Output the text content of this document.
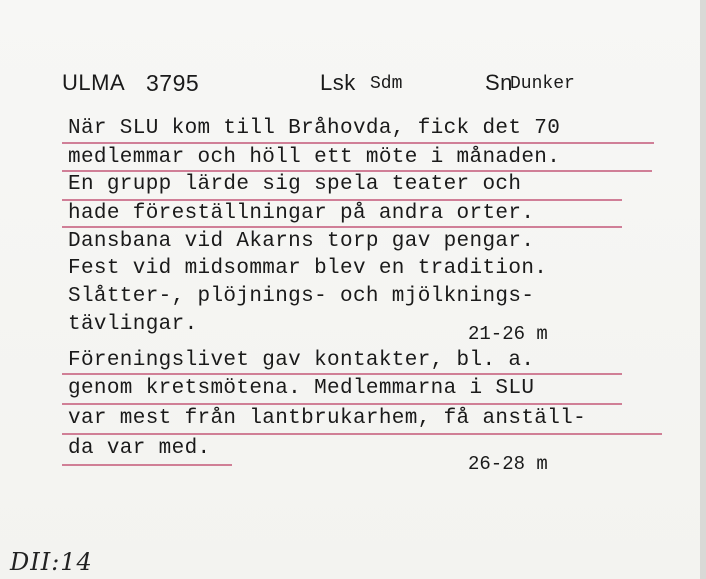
ULMA 3795	Lsk Sdm	Sn
Dunker
När SLU kom till Bråhovda, fick det 70
medlemmar och höll ett möte i månaden.
En grupp lärde sig spela teater och
hade föreställningar på andra orter.
Dansbana vid Akarns torp gav pengar.
Fest vid midsommar blev en tradition.
Slåtter-, plöjnings- och mjölknings-
tävlingar.	21-26 m
Föreningslivet gav kontakter, bl. a.
genom kretsmötena. Medlemmarna i SLU
var mest från lantbrukarhem, få anställ-
da var med.
26-28 m
DII:14
